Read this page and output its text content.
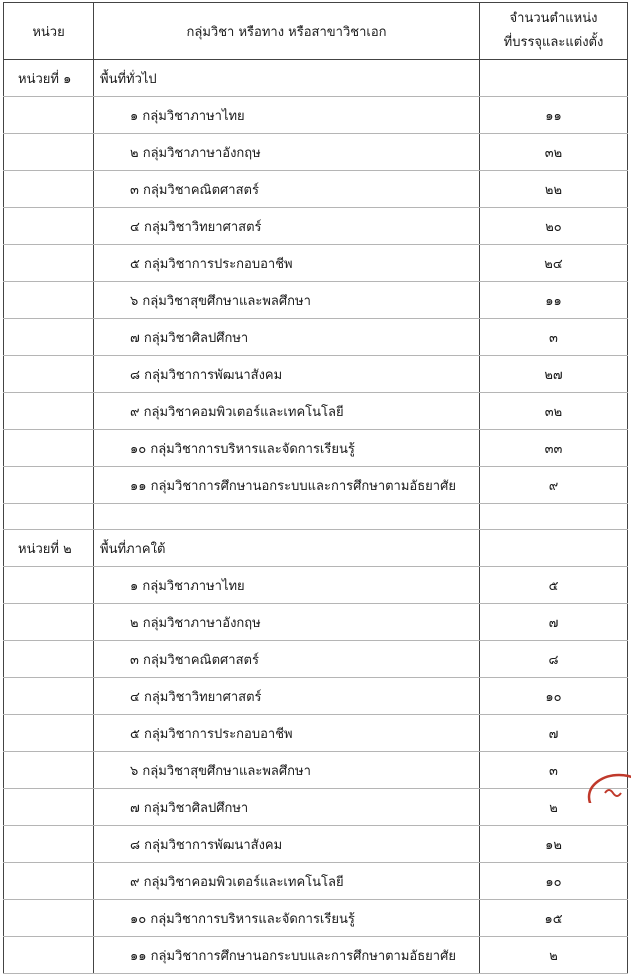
หน่วย	กลุ่มวิชา หรือทาง หรือสาขาวิชาเอก	จำนวนตำแหน่ง
ที่บรรจุและแต่งตั้ง

หน่วยที่ ๑	พื้นที่ทั่วไป	
	๑ กลุ่มวิชาภาษาไทย	๑๑
	๒ กลุ่มวิชาภาษาอังกฤษ	๓๒
	๓ กลุ่มวิชาคณิตศาสตร์	๒๒
	๔ กลุ่มวิชาวิทยาศาสตร์	๒๐
	๕ กลุ่มวิชาการประกอบอาชีพ	๒๔
	๖ กลุ่มวิชาสุขศึกษาและพลศึกษา	๑๑
	๗ กลุ่มวิชาศิลปศึกษา	๓
	๘ กลุ่มวิชาการพัฒนาสังคม	๒๗
	๙ กลุ่มวิชาคอมพิวเตอร์และเทคโนโลยี	๓๒
	๑๐ กลุ่มวิชาการบริหารและจัดการเรียนรู้	๓๓
	๑๑ กลุ่มวิชาการศึกษานอกระบบและการศึกษาตามอัธยาศัย	๙

หน่วยที่ ๒	พื้นที่ภาคใต้	
	๑ กลุ่มวิชาภาษาไทย	๕
	๒ กลุ่มวิชาภาษาอังกฤษ	๗
	๓ กลุ่มวิชาคณิตศาสตร์	๘
	๔ กลุ่มวิชาวิทยาศาสตร์	๑๐
	๕ กลุ่มวิชาการประกอบอาชีพ	๗
	๖ กลุ่มวิชาสุขศึกษาและพลศึกษา	๓
	๗ กลุ่มวิชาศิลปศึกษา	๒
	๘ กลุ่มวิชาการพัฒนาสังคม	๑๒
	๙ กลุ่มวิชาคอมพิวเตอร์และเทคโนโลยี	๑๐
	๑๐ กลุ่มวิชาการบริหารและจัดการเรียนรู้	๑๕
	๑๑ กลุ่มวิชาการศึกษานอกระบบและการศึกษาตามอัธยาศัย	๒
